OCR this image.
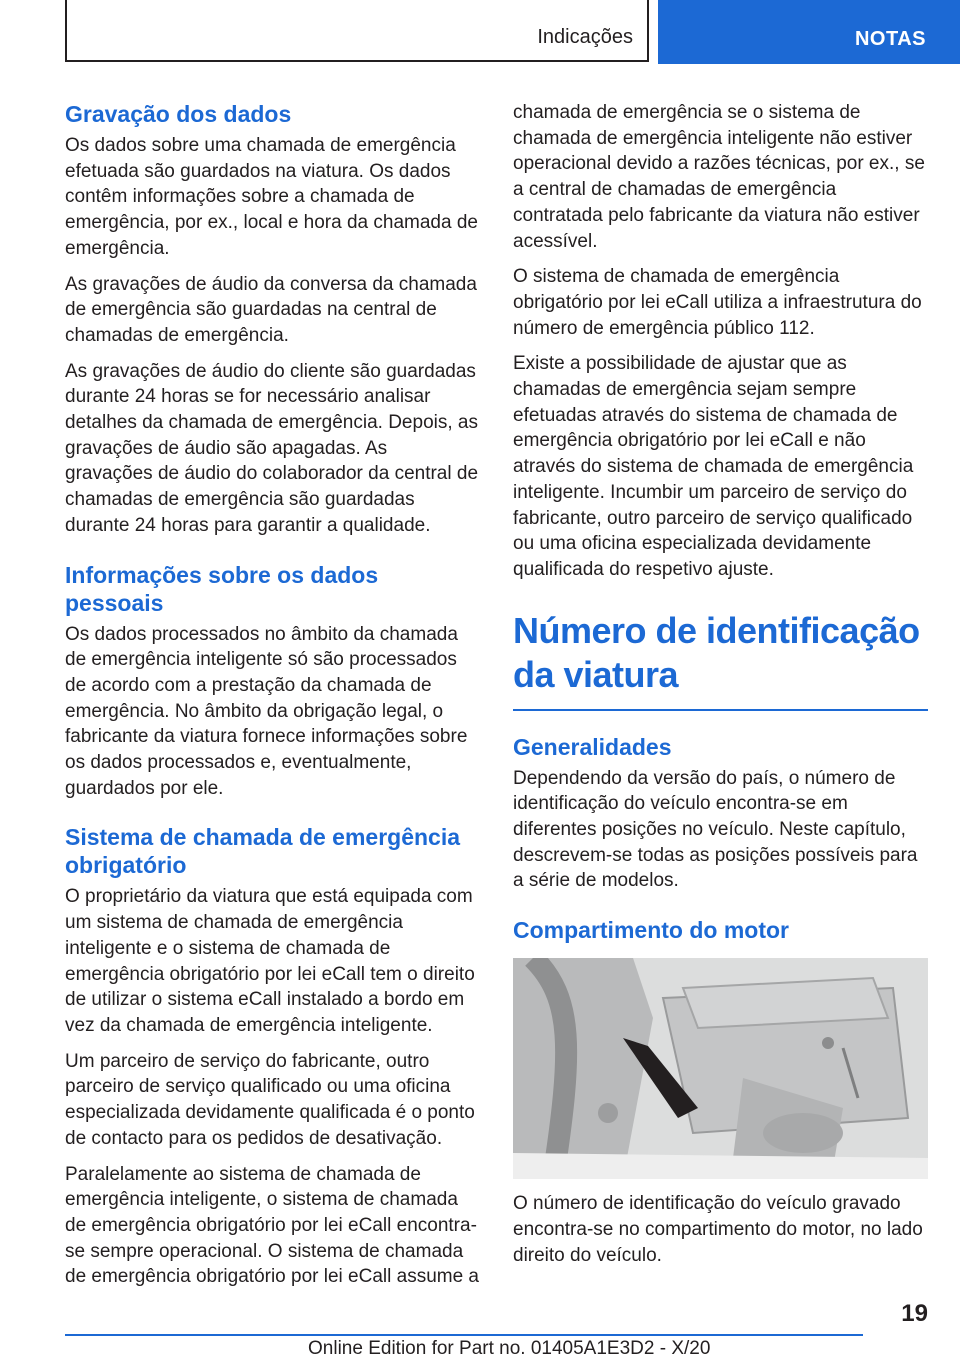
Indicações	NOTAS
Gravação dos dados

Os dados sobre uma chamada de emergência efetuada são guardados na viatura. Os dados contêm informações sobre a chamada de emergência, por ex., local e hora da chamada de emergência.

As gravações de áudio da conversa da chamada de emergência são guardadas na central de chamadas de emergência.

As gravações de áudio do cliente são guardadas durante 24 horas se for necessário analisar detalhes da chamada de emergência. Depois, as gravações de áudio são apagadas. As gravações de áudio do colaborador da central de chamadas de emergência são guardadas durante 24 horas para garantir a qualidade.

Informações sobre os dados pessoais

Os dados processados no âmbito da chamada de emergência inteligente só são processados de acordo com a prestação da chamada de emergência. No âmbito da obrigação legal, o fabricante da viatura fornece informações sobre os dados processados e, eventualmente, guardados por ele.

Sistema de chamada de emergência obrigatório

O proprietário da viatura que está equipada com um sistema de chamada de emergência inteligente e o sistema de chamada de emergência obrigatório por lei eCall tem o direito de utilizar o sistema eCall instalado a bordo em vez da chamada de emergência inteligente.

Um parceiro de serviço do fabricante, outro parceiro de serviço qualificado ou uma oficina especializada devidamente qualificada é o ponto de contacto para os pedidos de desativação.

Paralelamente ao sistema de chamada de emergência inteligente, o sistema de chamada de emergência obrigatório por lei eCall encontra-se sempre operacional. O sistema de chamada de emergência obrigatório por lei eCall assume a

chamada de emergência se o sistema de chamada de emergência inteligente não estiver operacional devido a razões técnicas, por ex., se a central de chamadas de emergência contratada pelo fabricante da viatura não estiver acessível.

O sistema de chamada de emergência obrigatório por lei eCall utiliza a infraestrutura do número de emergência público 112.

Existe a possibilidade de ajustar que as chamadas de emergência sejam sempre efetuadas através do sistema de chamada de emergência obrigatório por lei eCall e não através do sistema de chamada de emergência inteligente. Incumbir um parceiro de serviço do fabricante, outro parceiro de serviço qualificado ou uma oficina especializada devidamente qualificada do respetivo ajuste.

Número de identificação da viatura
Generalidades

Dependendo da versão do país, o número de identificação do veículo encontra-se em diferentes posições no veículo. Neste capítulo, descrevem-se todas as posições possíveis para a série de modelos.

Compartimento do motor

O número de identificação do veículo gravado encontra-se no compartimento do motor, no lado direito do veículo.

19
Online Edition for Part no. 01405A1E3D2 - X/20
